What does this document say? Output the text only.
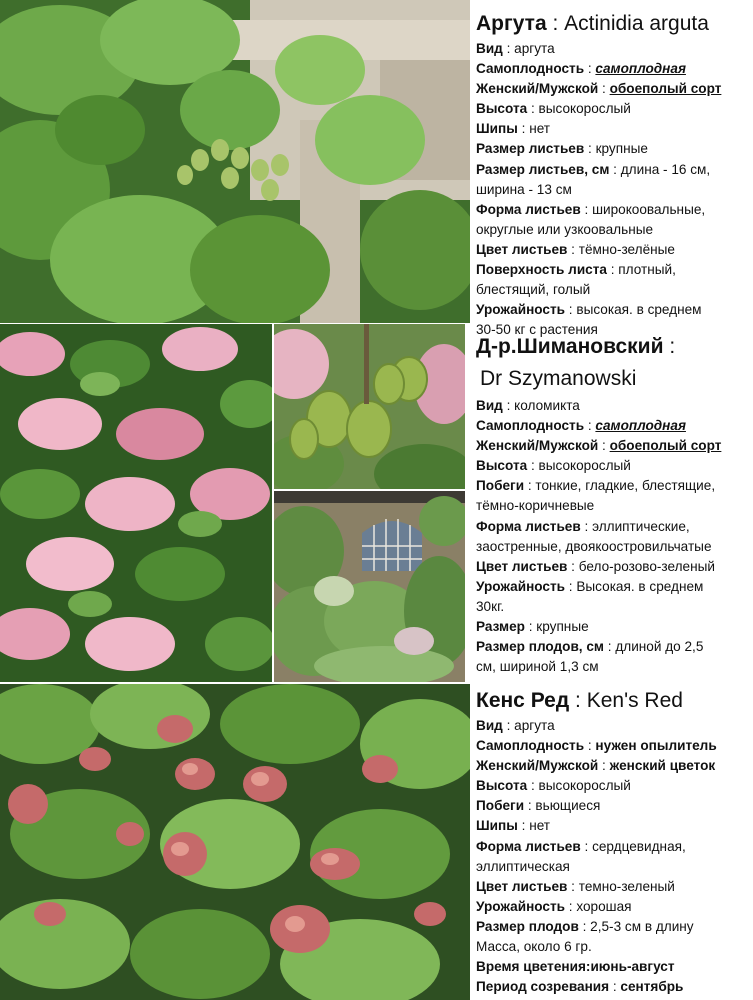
Аргута : Actinidia arguta
Вид : аргута
Самоплодность : самоплодная
Женский/Мужской : обоеполый сорт
Высота : высокорослый
Шипы : нет
Размер листьев : крупные
Размер листьев, см : длина - 16 см,
ширина - 13 см
Форма листьев : широкоовальные,
округлые или узкоовальные
Цвет листьев : тёмно-зелёные
Поверхность листа : плотный,
блестящий, голый
Урожайность : высокая. в среднем
30-50 кг с растения
Д-р.Шимановский :
Dr Szymanowski
Вид : коломикта
Самоплодность : самоплодная
Женский/Мужской : обоеполый сорт
Высота : высокорослый
Побеги : тонкие, гладкие, блестящие,
тёмно-коричневые
Форма листьев : эллиптические,
заостренные, двоякоостровильчатые
Цвет листьев : бело-розово-зеленый
Урожайность : Высокая. в среднем
30кг.
Размер : крупные
Размер плодов, см : длиной до 2,5
см, шириной 1,3 см
Кенс Ред : Ken's Red
Вид : аргута
Самоплодность : нужен опылитель
Женский/Мужской : женский цветок
Высота : высокорослый
Побеги : вьющиеся
Шипы : нет
Форма листьев : сердцевидная,
эллиптическая
Цвет листьев : темно-зеленый
Урожайность : хорошая
Размер плодов : 2,5-3 см в длину
Масса, около 6 гр.
Время цветения:июнь-август
Период созревания : сентябрь
